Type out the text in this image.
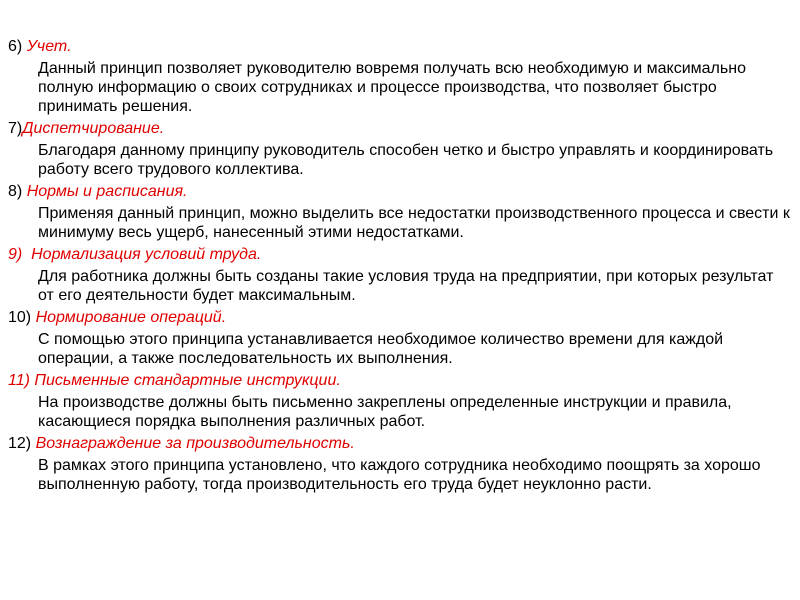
6) Учет.

Данный принцип позволяет руководителю вовремя получать всю необходимую и максимально полную информацию о своих сотрудниках и процессе производства, что позволяет быстро принимать решения.

7)Диспетчирование.

Благодаря данному принципу руководитель способен четко и быстро управлять и координировать работу всего трудового коллектива.

8) Нормы и расписания.

Применяя данный принцип, можно выделить все недостатки производственного процесса и свести к минимуму весь ущерб, нанесенный этими недостатками.

9) Нормализация условий труда.

Для работника должны быть созданы такие условия труда на предприятии, при которых результат от его деятельности будет максимальным.

10) Нормирование операций.

С помощью этого принципа устанавливается необходимое количество времени для каждой операции, а также последовательность их выполнения.

11) Письменные стандартные инструкции.

На производстве должны быть письменно закреплены определенные инструкции и правила, касающиеся порядка выполнения различных работ.

12) Вознаграждение за производительность.

В рамках этого принципа установлено, что каждого сотрудника необходимо поощрять за хорошо выполненную работу, тогда производительность его труда будет неуклонно расти.
